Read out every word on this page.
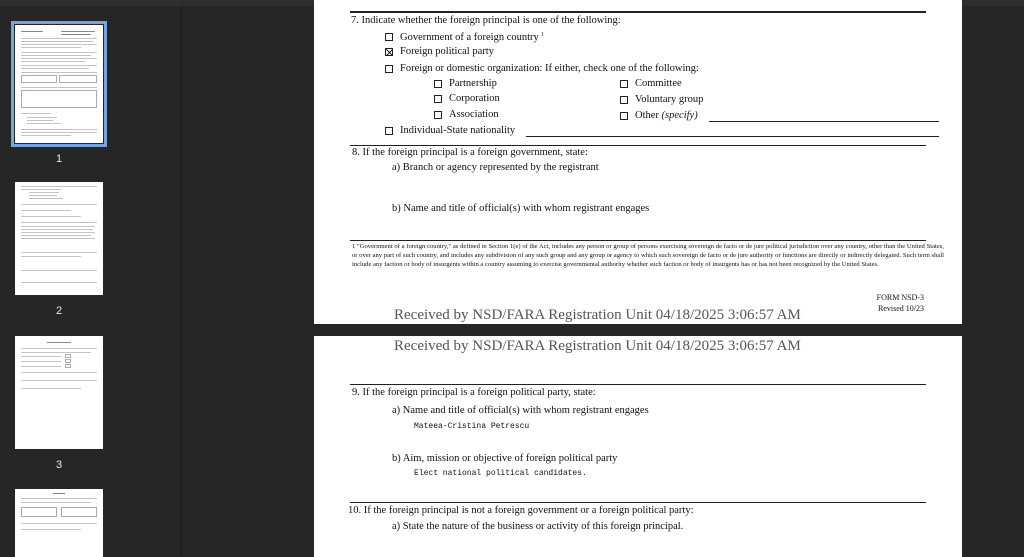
1
2
3
7. Indicate whether the foreign principal is one of the following:
Government of a foreign country $^1$
Foreign political party
Foreign or domestic organization: If either, check one of the following:
Partnership	Committee
Corporation	Voluntary group
Association	Other (specify)
Individual-State nationality
8. If the foreign principal is a foreign government, state:
a) Branch or agency represented by the registrant
b) Name and title of official(s) with whom registrant engages
1 "Government of a foreign country," as defined in Section 1(e) of the Act, includes any person or group of persons exercising sovereign de facto or de jure political jurisdiction over any country, other than the United States, or over any part of such country, and includes any subdivision of any such group and any group or agency to which such sovereign de facto or de jure authority or functions are directly or indirectly delegated. Such term shall include any faction or body of insurgents within a country assuming to exercise governmental authority whether such faction or body of insurgents has or has not been recognized by the United States.
FORM NSD-3
Revised 10/23
Received by NSD/FARA Registration Unit 04/18/2025 3:06:57 AM
Received by NSD/FARA Registration Unit 04/18/2025 3:06:57 AM
9. If the foreign principal is a foreign political party, state:
a) Name and title of official(s) with whom registrant engages
Mateea-Cristina Petrescu
b) Aim, mission or objective of foreign political party
Elect national political candidates.
10. If the foreign principal is not a foreign government or a foreign political party:
a) State the nature of the business or activity of this foreign principal.
